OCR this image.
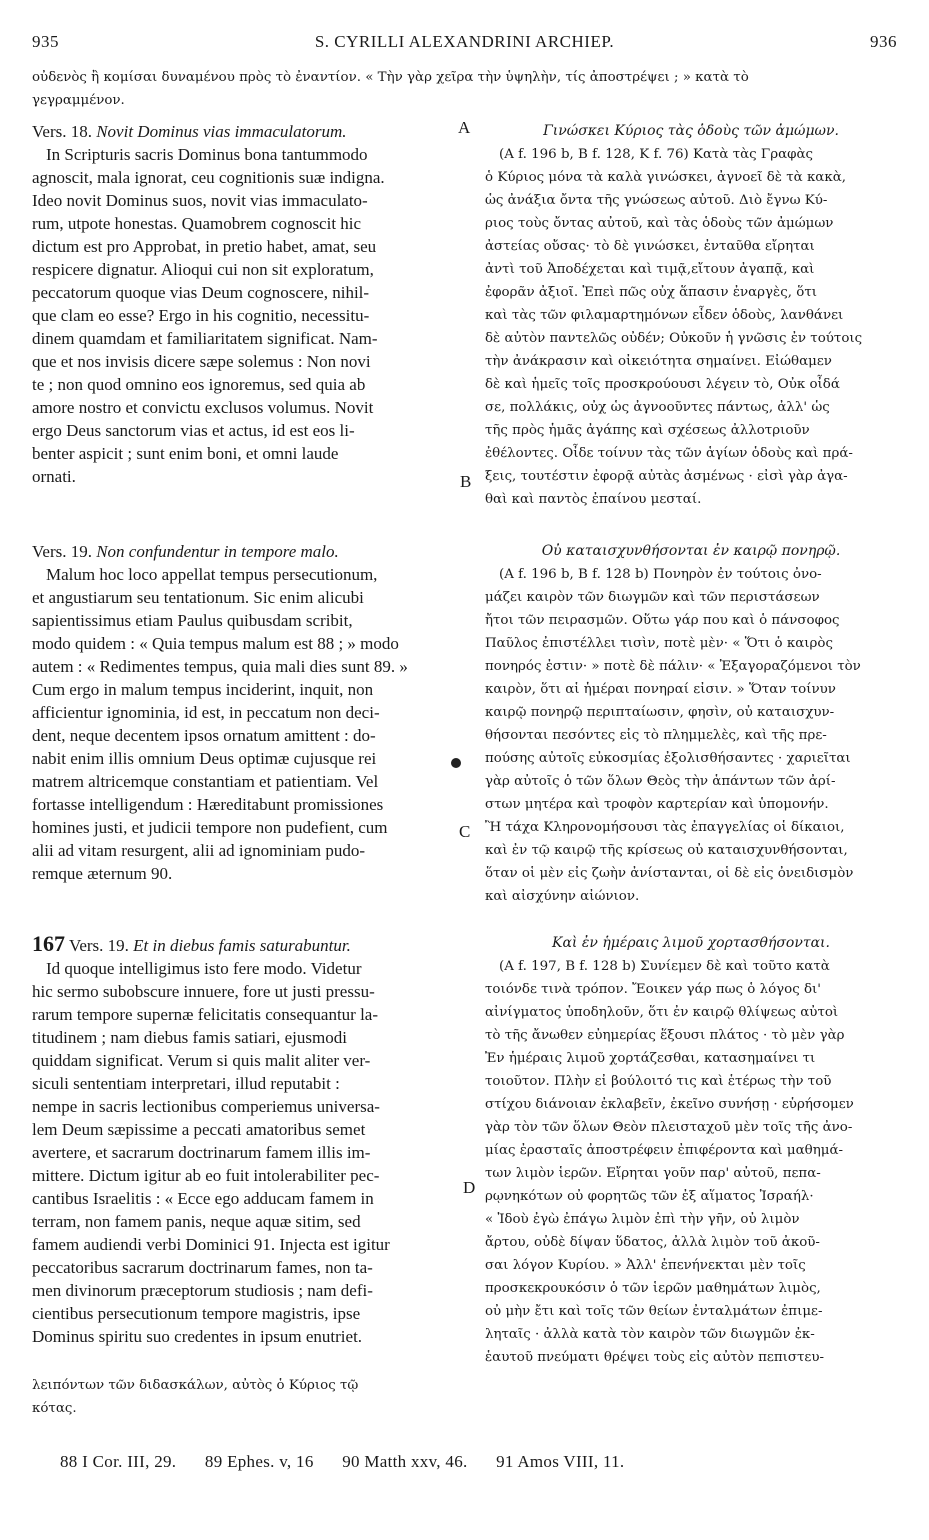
935	S. CYRILLI ALEXANDRINI ARCHIEP.	936
οὐδενὸς ἢ κομίσαι δυναμένου πρὸς τὸ ἐναντίον. « Τὴν γὰρ χεῖρα τὴν ὑψηλὴν, τίς ἀποστρέψει ; » κατὰ τὸ
γεγραμμένον.
Vers. 18. Novit Dominus vias immaculatorum.
In Scripturis sacris Dominus bona tantummodo
agnoscit, mala ignorat, ceu cognitionis suæ indigna.
Ideo novit Dominus suos, novit vias immaculato-
rum, utpote honestas. Quamobrem cognoscit hic
dictum est pro Approbat, in pretio habet, amat, seu
respicere dignatur. Alioqui cui non sit exploratum,
peccatorum quoque vias Deum cognoscere, nihil-
que clam eo esse? Ergo in his cognitio, necessitu-
dinem quamdam et familiaritatem significat. Nam-
que et nos invisis dicere sæpe solemus : Non novi
te ; non quod omnino eos ignoremus, sed quia ab
amore nostro et convictu exclusos volumus. Novit
ergo Deus sanctorum vias et actus, id est eos li-
benter aspicit ; sunt enim boni, et omni laude
ornati.
Γινώσκει Κύριος τὰς ὁδοὺς τῶν ἀμώμων.
(A f. 196 b, B f. 128, K f. 76) Κατὰ τὰς Γραφὰς
ὁ Κύριος μόνα τὰ καλὰ γινώσκει, ἀγνοεῖ δὲ τὰ κακὰ,
ὡς ἀνάξια ὄντα τῆς γνώσεως αὐτοῦ. Διὸ ἔγνω Κύ-
ριος τοὺς ὄντας αὐτοῦ, καὶ τὰς ὁδοὺς τῶν ἀμώμων
ἀστείας οὔσας· τὸ δὲ γινώσκει, ἐνταῦθα εἴρηται
ἀντὶ τοῦ Ἀποδέχεται καὶ τιμᾷ,εἴτουν ἀγαπᾷ, καὶ
ἐφορᾶν ἀξιοῖ. Ἐπεὶ πῶς οὐχ ἅπασιν ἐναργὲς, ὅτι
καὶ τὰς τῶν φιλαμαρτημόνων εἶδεν ὁδοὺς, λανθάνει
δὲ αὐτὸν παντελῶς οὐδέν; Οὐκοῦν ἡ γνῶσις ἐν τούτοις
τὴν ἀνάκρασιν καὶ οἰκειότητα σημαίνει. Εἰώθαμεν
δὲ καὶ ἡμεῖς τοῖς προσκρούουσι λέγειν τὸ, Οὐκ οἶδά
σε, πολλάκις, οὐχ ὡς ἀγνοοῦντες πάντως, ἀλλ' ὡς
τῆς πρὸς ἡμᾶς ἀγάπης καὶ σχέσεως ἀλλοτριοῦν
ἐθέλοντες. Οἶδε τοίνυν τὰς τῶν ἁγίων ὁδοὺς καὶ πρά-
ξεις, τουτέστιν ἐφορᾷ αὐτὰς ἀσμένως · εἰσὶ γὰρ ἀγα-
θαὶ καὶ παντὸς ἐπαίνου μεσταί.
Vers. 19. Non confundentur in tempore malo.
Malum hoc loco appellat tempus persecutionum,
et angustiarum seu tentationum. Sic enim alicubi
sapientissimus etiam Paulus quibusdam scribit,
modo quidem : « Quia tempus malum est 88 ; » modo
autem : « Redimentes tempus, quia mali dies sunt 89. »
Cum ergo in malum tempus inciderint, inquit, non
afficientur ignominia, id est, in peccatum non deci-
dent, neque decentem ipsos ornatum amittent : do-
nabit enim illis omnium Deus optimæ cujusque rei
matrem altricemque constantiam et patientiam. Vel
fortasse intelligendum : Hæreditabunt promissiones
homines justi, et judicii tempore non pudefient, cum
alii ad vitam resurgent, alii ad ignominiam pudo-
remque æternum 90.
Οὐ καταισχυνθήσονται ἐν καιρῷ πονηρῷ.
(A f. 196 b, B f. 128 b) Πονηρὸν ἐν τούτοις ὀνο-
μάζει καιρὸν τῶν διωγμῶν καὶ τῶν περιστάσεων
ἤτοι τῶν πειρασμῶν. Οὕτω γάρ που καὶ ὁ πάνσοφος
Παῦλος ἐπιστέλλει τισὶν, ποτὲ μὲν· « Ὅτι ὁ καιρὸς
πονηρός ἐστιν· » ποτὲ δὲ πάλιν· « Ἐξαγοραζόμενοι τὸν
καιρὸν, ὅτι αἱ ἡμέραι πονηραί εἰσιν. » Ὅταν τοίνυν
καιρῷ πονηρῷ περιπταίωσιν, φησὶν, οὐ καταισχυν-
θήσονται πεσόντες εἰς τὸ πλημμελὲς, καὶ τῆς πρε-
πούσης αὐτοῖς εὐκοσμίας ἐξολισθήσαντες · χαριεῖται
γὰρ αὐτοῖς ὁ τῶν ὅλων Θεὸς τὴν ἁπάντων τῶν ἀρί-
στων μητέρα καὶ τροφὸν καρτερίαν καὶ ὑπομονήν.
Ἢ τάχα Κληρονομήσουσι τὰς ἐπαγγελίας οἱ δίκαιοι,
καὶ ἐν τῷ καιρῷ τῆς κρίσεως οὐ καταισχυνθήσονται,
ὅταν οἱ μὲν εἰς ζωὴν ἀνίστανται, οἱ δὲ εἰς ὀνειδισμὸν
καὶ αἰσχύνην αἰώνιον.
167 Vers. 19. Et in diebus famis saturabuntur.
Id quoque intelligimus isto fere modo. Videtur
hic sermo subobscure innuere, fore ut justi pressu-
rarum tempore supernæ felicitatis consequantur la-
titudinem ; nam diebus famis satiari, ejusmodi
quiddam significat. Verum si quis malit aliter ver-
siculi sententiam interpretari, illud reputabit :
nempe in sacris lectionibus comperiemus universa-
lem Deum sæpissime a peccati amatoribus semet
avertere, et sacrarum doctrinarum famem illis im-
mittere. Dictum igitur ab eo fuit intolerabiliter pec-
cantibus Israelitis : « Ecce ego adducam famem in
terram, non famem panis, neque aquæ sitim, sed
famem audiendi verbi Dominici 91. Injecta est igitur
peccatoribus sacrarum doctrinarum fames, non ta-
men divinorum præceptorum studiosis ; nam defi-
cientibus persecutionum tempore magistris, ipse
Dominus spiritu suo credentes in ipsum enutriet.
Καὶ ἐν ἡμέραις λιμοῦ χορτασθήσονται.
(A f. 197, B f. 128 b) Συνίεμεν δὲ καὶ τοῦτο κατὰ
τοιόνδε τινὰ τρόπον. Ἔοικεν γάρ πως ὁ λόγος δι'
αἰνίγματος ὑποδηλοῦν, ὅτι ἐν καιρῷ θλίψεως αὐτοὶ
τὸ τῆς ἄνωθεν εὐημερίας ἕξουσι πλάτος · τὸ μὲν γὰρ
Ἐν ἡμέραις λιμοῦ χορτάζεσθαι, κατασημαίνει τι
τοιοῦτον. Πλὴν εἰ βούλοιτό τις καὶ ἑτέρως τὴν τοῦ
στίχου διάνοιαν ἐκλαβεῖν, ἐκεῖνο συνήσῃ · εὑρήσομεν
γὰρ τὸν τῶν ὅλων Θεὸν πλεισταχοῦ μὲν τοῖς τῆς ἀνο-
μίας ἐρασταῖς ἀποστρέφειν ἐπιφέροντα καὶ μαθημά-
των λιμὸν ἱερῶν. Εἴρηται γοῦν παρ' αὐτοῦ, πεπα-
ρῳνηκότων οὐ φορητῶς τῶν ἐξ αἵματος Ἰσραήλ·
« Ἰδοὺ ἐγὼ ἐπάγω λιμὸν ἐπὶ τὴν γῆν, οὐ λιμὸν
ἄρτου, οὐδὲ δίψαν ὕδατος, ἀλλὰ λιμὸν τοῦ ἀκοῦ-
σαι λόγον Κυρίου. » Ἀλλ' ἐπενήνεκται μὲν τοῖς
προσκεκρουκόσιν ὁ τῶν ἱερῶν μαθημάτων λιμὸς,
οὐ μὴν ἔτι καὶ τοῖς τῶν θείων ἐνταλμάτων ἐπιμε-
ληταῖς · ἀλλὰ κατὰ τὸν καιρὸν τῶν διωγμῶν ἐκ-
ἑαυτοῦ πνεύματι θρέψει τοὺς εἰς αὐτὸν πεπιστευ-
λειπόντων τῶν διδασκάλων, αὐτὸς ὁ Κύριος τῷ
κότας.
A
B
C
D
88 I Cor. III, 29. 89 Ephes. v, 16 90 Matth xxv, 46. 91 Amos VIII, 11.
